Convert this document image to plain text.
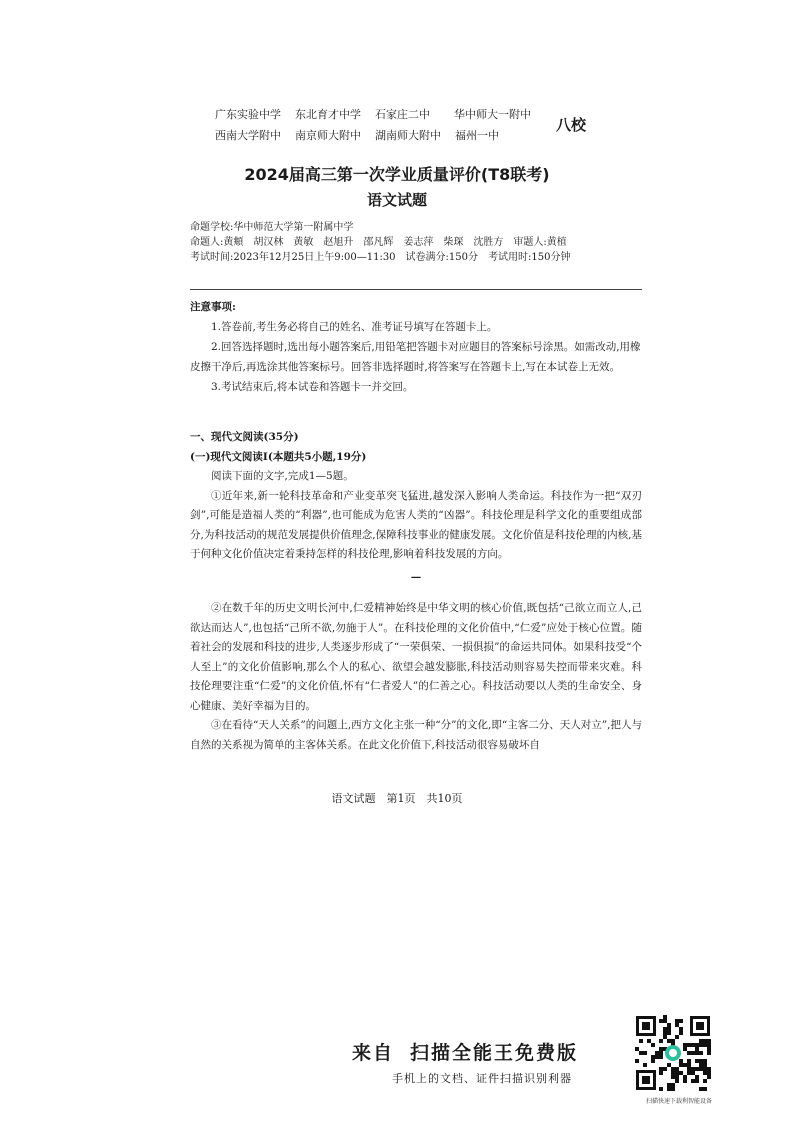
广东实验中学 东北育才中学 石家庄二中 华中师大一附中
西南大学附中 南京师大附中 湖南师大附中 福州一中
八校
2024届高三第一次学业质量评价(T8联考)
语文试题
命题学校:华中师范大学第一附属中学
命题人:黄頫　胡汉林　黄敏　赵旭升　邵凡辉　姜志萍　柴琛　沈胜方　审题人:黄植
考试时间:2023年12月25日上午9:00—11:30　试卷满分:150分　考试用时:150分钟
注意事项:

1.答卷前,考生务必将自己的姓名、准考证号填写在答题卡上。

2.回答选择题时,选出每小题答案后,用铅笔把答题卡对应题目的答案标号涂黑。如需改动,用橡皮擦干净后,再选涂其他答案标号。回答非选择题时,将答案写在答题卡上,写在本试卷上无效。

3.考试结束后,将本试卷和答题卡一并交回。

一、现代文阅读(35分)

(一)现代文阅读Ⅰ(本题共5小题,19分)

阅读下面的文字,完成1—5题。

①近年来,新一轮科技革命和产业变革突飞猛进,越发深入影响人类命运。科技作为一把“双刃剑”,可能是造福人类的“利器”,也可能成为危害人类的“凶器”。科技伦理是科学文化的重要组成部分,为科技活动的规范发展提供价值理念,保障科技事业的健康发展。文化价值是科技伦理的内核,基于何种文化价值决定着秉持怎样的科技伦理,影响着科技发展的方向。

—

②在数千年的历史文明长河中,仁爱精神始终是中华文明的核心价值,既包括“己欲立而立人,己欲达而达人”,也包括“己所不欲,勿施于人”。在科技伦理的文化价值中,“仁爱”应处于核心位置。随着社会的发展和科技的进步,人类逐步形成了“一荣俱荣、一损俱损”的命运共同体。如果科技受“个人至上”的文化价值影响,那么个人的私心、欲望会越发膨胀,科技活动则容易失控而带来灾难。科技伦理要注重“仁爱”的文化价值,怀有“仁者爱人”的仁善之心。科技活动要以人类的生命安全、身心健康、美好幸福为目的。

③在看待“天人关系”的问题上,西方文化主张一种“分”的文化,即“主客二分、天人对立”,把人与自然的关系视为简单的主客体关系。在此文化价值下,科技活动很容易破坏自

语文试题　第1页　共10页
来自 扫描全能王免费版
手机上的文档、证件扫描识别利器
扫描快速下载利智能设备
